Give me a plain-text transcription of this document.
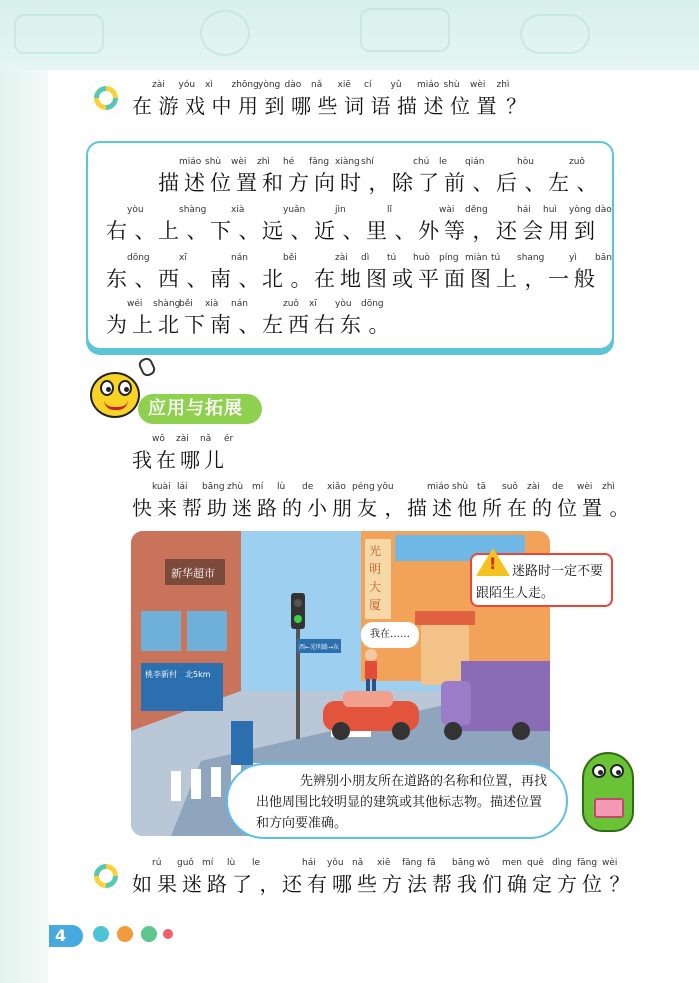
在zài游yóu戏xì中zhōng用yòng到dào哪nǎ些xiē词cí语yǔ描miáo述shù位wèi置zhì？
　　描miáo述shù位wèi置zhì和hé方fāng向xiàng时shí， 除chú了le前qián、 后hòu、 左zuǒ、
右yòu、 上shàng、 下xià、 远yuǎn、 近jìn、 里lǐ、 外wài等děng， 还hái会huì用yòng到dào
东dōng、 西xī、 南nán、 北běi。 在zài地dì图tú或huò平píng面miàn图tú上shang， 一yì般bān
为wéi上shàng北běi下xià南nán、 左zuǒ西xī右yòu东dōng。
应用与拓展
我wǒ在zài哪nǎ儿ér
快kuài来lái帮bāng助zhù迷mí路lù的de小xiǎo朋péng友yǒu， 描miáo述shù他tā所suǒ在zài的de位wèi置zhì。
新华超市
光
明
大
厦
桃李新村　北5km
西←光明路→东
我在……
!	迷路时一定不要跟陌生人走。
先辨别小朋友所在道路的名称和位置，再找出他周围比较明显的建筑或其他标志物。描述位置和方向要准确。
如rú果guǒ迷mí路lù了le， 还hái有yǒu哪nǎ些xiē方fāng法fǎ帮bāng我wǒ们men确què定dìng方fāng位wèi？
4
